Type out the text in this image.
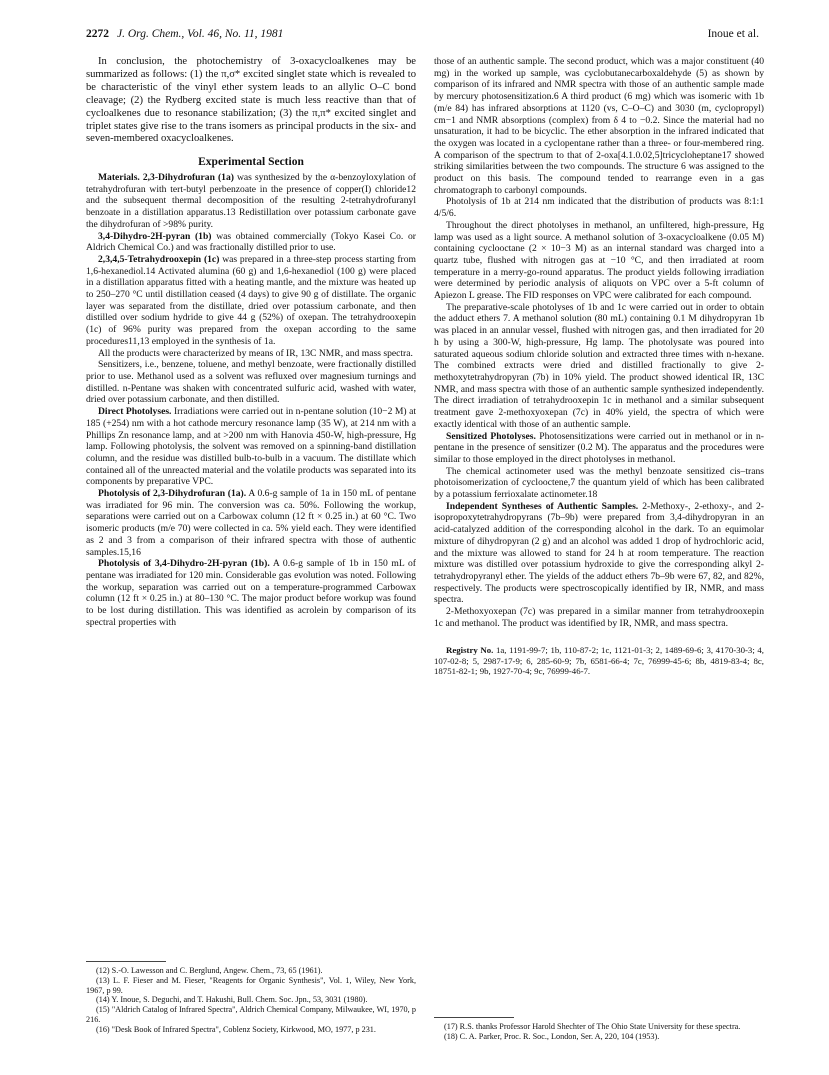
2272 J. Org. Chem., Vol. 46, No. 11, 1981	Inoue et al.

In conclusion, the photochemistry of 3-oxacycloalkenes may be summarized as follows: (1) the π,σ* excited singlet state which is revealed to be characteristic of the vinyl ether system leads to an allylic O–C bond cleavage; (2) the Rydberg excited state is much less reactive than that of cycloalkenes due to resonance stabilization; (3) the π,π* excited singlet and triplet states give rise to the trans isomers as principal products in the six- and seven-membered oxacycloalkenes.

Experimental Section

Materials. 2,3-Dihydrofuran (1a) was synthesized by the α-benzoyloxylation of tetrahydrofuran with tert-butyl perbenzoate in the presence of copper(I) chloride12 and the subsequent thermal decomposition of the resulting 2-tetrahydrofuranyl benzoate in a distillation apparatus.13 Redistillation over potassium carbonate gave the dihydrofuran of >98% purity.

3,4-Dihydro-2H-pyran (1b) was obtained commercially (Tokyo Kasei Co. or Aldrich Chemical Co.) and was fractionally distilled prior to use.

2,3,4,5-Tetrahydrooxepin (1c) was prepared in a three-step process starting from 1,6-hexanediol.14 Activated alumina (60 g) and 1,6-hexanediol (100 g) were placed in a distillation apparatus fitted with a heating mantle, and the mixture was heated up to 250–270 °C until distillation ceased (4 days) to give 90 g of distillate. The organic layer was separated from the distillate, dried over potassium carbonate, and then distilled over sodium hydride to give 44 g (52%) of oxepan. The tetrahydrooxepin (1c) of 96% purity was prepared from the oxepan according to the same procedures11,13 employed in the synthesis of 1a.

All the products were characterized by means of IR, 13C NMR, and mass spectra.

Sensitizers, i.e., benzene, toluene, and methyl benzoate, were fractionally distilled prior to use. Methanol used as a solvent was refluxed over magnesium turnings and distilled. n-Pentane was shaken with concentrated sulfuric acid, washed with water, dried over potassium carbonate, and then distilled.

Direct Photolyses. Irradiations were carried out in n-pentane solution (10−2 M) at 185 (+254) nm with a hot cathode mercury resonance lamp (35 W), at 214 nm with a Phillips Zn resonance lamp, and at >200 nm with Hanovia 450-W, high-pressure, Hg lamp. Following photolysis, the solvent was removed on a spinning-band distillation column, and the residue was distilled bulb-to-bulb in a vacuum. The distillate which contained all of the unreacted material and the volatile products was separated into its components by preparative VPC.

Photolysis of 2,3-Dihydrofuran (1a). A 0.6-g sample of 1a in 150 mL of pentane was irradiated for 96 min. The conversion was ca. 50%. Following the workup, separations were carried out on a Carbowax column (12 ft × 0.25 in.) at 60 °C. Two isomeric products (m/e 70) were collected in ca. 5% yield each. They were identified as 2 and 3 from a comparison of their infrared spectra with those of authentic samples.15,16

Photolysis of 3,4-Dihydro-2H-pyran (1b). A 0.6-g sample of 1b in 150 mL of pentane was irradiated for 120 min. Considerable gas evolution was noted. Following the workup, separation was carried out on a temperature-programmed Carbowax column (12 ft × 0.25 in.) at 80–130 °C. The major product before workup was found to be lost during distillation. This was identified as acrolein by comparison of its spectral properties with

those of an authentic sample. The second product, which was a major constituent (40 mg) in the worked up sample, was cyclobutanecarboxaldehyde (5) as shown by comparison of its infrared and NMR spectra with those of an authentic sample made by mercury photosensitization.6 A third product (6 mg) which was isomeric with 1b (m/e 84) has infrared absorptions at 1120 (vs, C–O–C) and 3030 (m, cyclopropyl) cm−1 and NMR absorptions (complex) from δ 4 to −0.2. Since the material had no unsaturation, it had to be bicyclic. The ether absorption in the infrared indicated that the oxygen was located in a cyclopentane rather than a three- or four-membered ring. A comparison of the spectrum to that of 2-oxa[4.1.0.02,5]tricycloheptane17 showed striking similarities between the two compounds. The structure 6 was assigned to the product on this basis. The compound tended to rearrange even in a gas chromatograph to carbonyl compounds.

Photolysis of 1b at 214 nm indicated that the distribution of products was 8:1:1 4/5/6.

Throughout the direct photolyses in methanol, an unfiltered, high-pressure, Hg lamp was used as a light source. A methanol solution of 3-oxacycloalkene (0.05 M) containing cyclooctane (2 × 10−3 M) as an internal standard was charged into a quartz tube, flushed with nitrogen gas at −10 °C, and then irradiated at room temperature in a merry-go-round apparatus. The product yields following irradiation were determined by periodic analysis of aliquots on VPC over a 5-ft column of Apiezon L grease. The FID responses on VPC were calibrated for each compound.

The preparative-scale photolyses of 1b and 1c were carried out in order to obtain the adduct ethers 7. A methanol solution (80 mL) containing 0.1 M dihydropyran 1b was placed in an annular vessel, flushed with nitrogen gas, and then irradiated for 20 h by using a 300-W, high-pressure, Hg lamp. The photolysate was poured into saturated aqueous sodium chloride solution and extracted three times with n-hexane. The combined extracts were dried and distilled fractionally to give 2-methoxytetrahydropyran (7b) in 10% yield. The product showed identical IR, 13C NMR, and mass spectra with those of an authentic sample synthesized independently. The direct irradiation of tetrahydrooxepin 1c in methanol and a similar subsequent treatment gave 2-methoxyoxepan (7c) in 40% yield, the spectra of which were exactly identical with those of an authentic sample.

Sensitized Photolyses. Photosensitizations were carried out in methanol or in n-pentane in the presence of sensitizer (0.2 M). The apparatus and the procedures were similar to those employed in the direct photolyses in methanol.

The chemical actinometer used was the methyl benzoate sensitized cis–trans photoisomerization of cyclooctene,7 the quantum yield of which has been calibrated by a potassium ferrioxalate actinometer.18

Independent Syntheses of Authentic Samples. 2-Methoxy-, 2-ethoxy-, and 2-isopropoxytetrahydropyrans (7b–9b) were prepared from 3,4-dihydropyran in an acid-catalyzed addition of the corresponding alcohol in the dark. To an equimolar mixture of dihydropyran (2 g) and an alcohol was added 1 drop of hydrochloric acid, and the mixture was allowed to stand for 24 h at room temperature. The reaction mixture was distilled over potassium hydroxide to give the corresponding alkyl 2-tetrahydropyranyl ether. The yields of the adduct ethers 7b–9b were 67, 82, and 82%, respectively. The products were spectroscopically identified by IR, NMR, and mass spectra.

2-Methoxyoxepan (7c) was prepared in a similar manner from tetrahydrooxepin 1c and methanol. The product was identified by IR, NMR, and mass spectra.

Registry No. 1a, 1191-99-7; 1b, 110-87-2; 1c, 1121-01-3; 2, 1489-69-6; 3, 4170-30-3; 4, 107-02-8; 5, 2987-17-9; 6, 285-60-9; 7b, 6581-66-4; 7c, 76999-45-6; 8b, 4819-83-4; 8c, 18751-82-1; 9b, 1927-70-4; 9c, 76999-46-7.

(12) S.-O. Lawesson and C. Berglund, Angew. Chem., 73, 65 (1961).

(13) L. F. Fieser and M. Fieser, "Reagents for Organic Synthesis", Vol. 1, Wiley, New York, 1967, p 99.

(14) Y. Inoue, S. Deguchi, and T. Hakushi, Bull. Chem. Soc. Jpn., 53, 3031 (1980).

(15) "Aldrich Catalog of Infrared Spectra", Aldrich Chemical Company, Milwaukee, WI, 1970, p 216.

(16) "Desk Book of Infrared Spectra", Coblenz Society, Kirkwood, MO, 1977, p 231.	(17) R.S. thanks Professor Harold Shechter of The Ohio State University for these spectra.

(18) C. A. Parker, Proc. R. Soc., London, Ser. A, 220, 104 (1953).
